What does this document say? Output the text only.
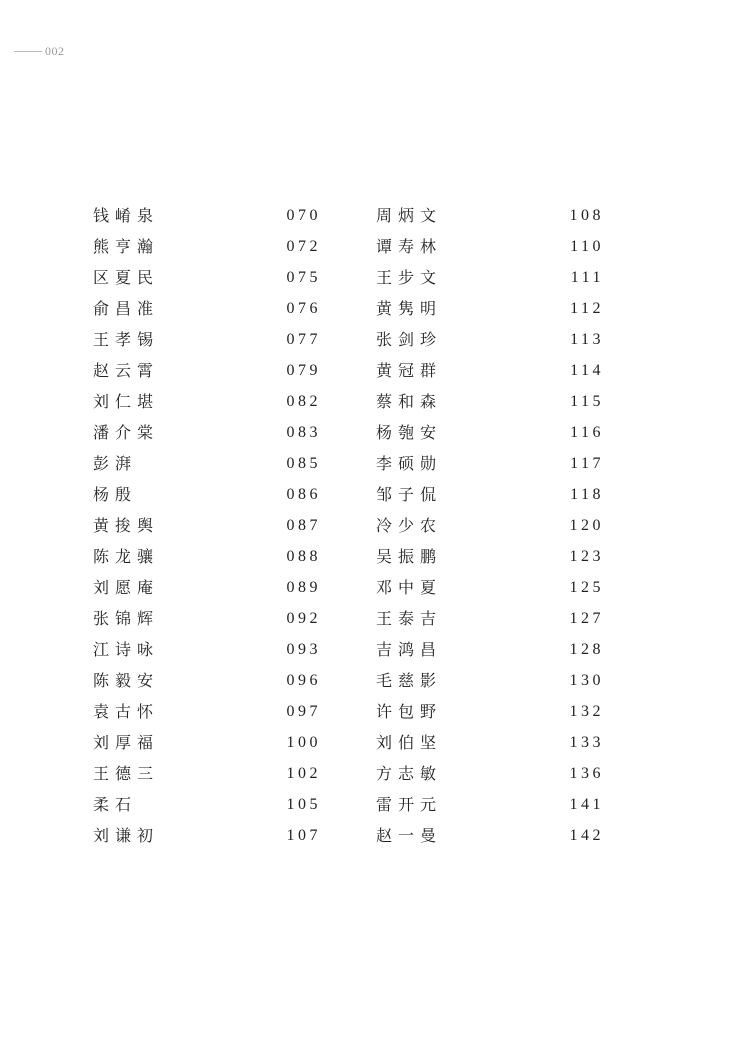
002
钱崤泉	070
熊亨瀚	072
区夏民	075
俞昌准	076
王孝锡	077
赵云霄	079
刘仁堪	082
潘介棠	083
彭湃	085
杨殷	086
黄捘舆	087
陈龙骧	088
刘愿庵	089
张锦辉	092
江诗咏	093
陈毅安	096
袁古怀	097
刘厚福	100
王德三	102
柔石	105
刘谦初	107
周炳文	108
谭寿林	110
王步文	111
黄隽明	112
张剑珍	113
黄冠群	114
蔡和森	115
杨匏安	116
李硕勋	117
邹子侃	118
冷少农	120
吴振鹏	123
邓中夏	125
王泰吉	127
吉鸿昌	128
毛慈影	130
许包野	132
刘伯坚	133
方志敏	136
雷开元	141
赵一曼	142
